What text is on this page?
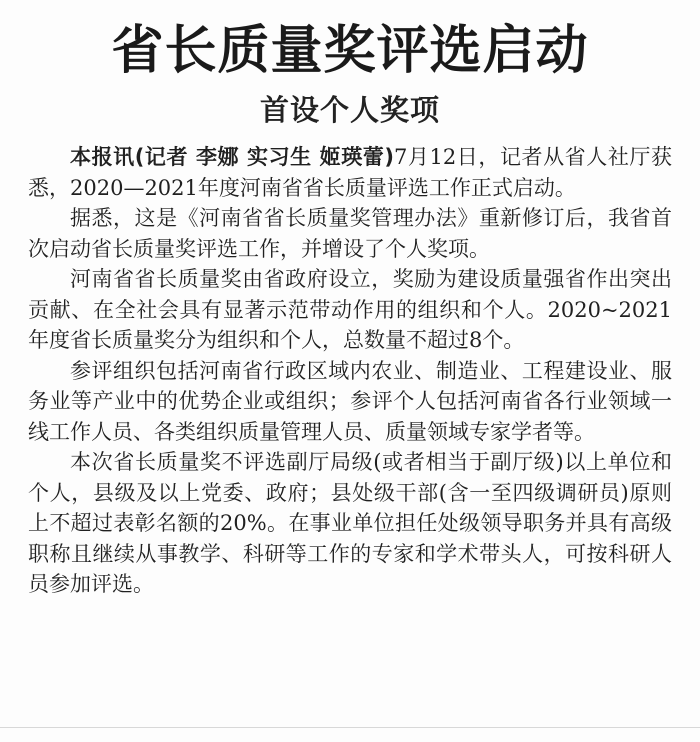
省长质量奖评选启动
首设个人奖项

本报讯(记者 李娜 实习生 姬瑛蕾)7月12日，记者从省人社厅获悉，2020—2021年度河南省省长质量评选工作正式启动。

据悉，这是《河南省省长质量奖管理办法》重新修订后，我省首次启动省长质量奖评选工作，并增设了个人奖项。

河南省省长质量奖由省政府设立，奖励为建设质量强省作出突出贡献、在全社会具有显著示范带动作用的组织和个人。2020~2021年度省长质量奖分为组织和个人，总数量不超过8个。

参评组织包括河南省行政区域内农业、制造业、工程建设业、服务业等产业中的优势企业或组织；参评个人包括河南省各行业领域一线工作人员、各类组织质量管理人员、质量领域专家学者等。

本次省长质量奖不评选副厅局级(或者相当于副厅级)以上单位和个人，县级及以上党委、政府；县处级干部(含一至四级调研员)原则上不超过表彰名额的20%。在事业单位担任处级领导职务并具有高级职称且继续从事教学、科研等工作的专家和学术带头人，可按科研人员参加评选。
